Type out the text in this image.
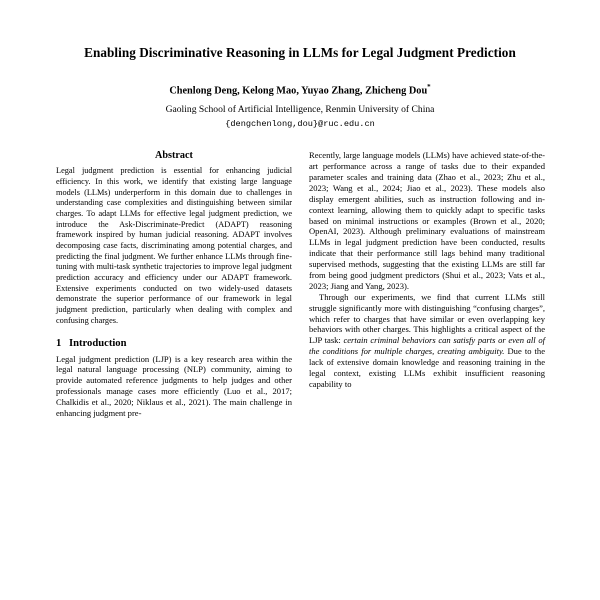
Enabling Discriminative Reasoning in LLMs for Legal Judgment Prediction
Chenlong Deng, Kelong Mao, Yuyao Zhang, Zhicheng Dou*
Gaoling School of Artificial Intelligence, Renmin University of China
{dengchenlong,dou}@ruc.edu.cn
Abstract

Legal judgment prediction is essential for enhancing judicial efficiency. In this work, we identify that existing large language models (LLMs) underperform in this domain due to challenges in understanding case complexities and distinguishing between similar charges. To adapt LLMs for effective legal judgment prediction, we introduce the Ask-Discriminate-Predict (ADAPT) reasoning framework inspired by human judicial reasoning. ADAPT involves decomposing case facts, discriminating among potential charges, and predicting the final judgment. We further enhance LLMs through fine-tuning with multi-task synthetic trajectories to improve legal judgment prediction accuracy and efficiency under our ADAPT framework. Extensive experiments conducted on two widely-used datasets demonstrate the superior performance of our framework in legal judgment prediction, particularly when dealing with complex and confusing charges.

1 Introduction

Legal judgment prediction (LJP) is a key research area within the legal natural language processing (NLP) community, aiming to provide automated reference judgments to help judges and other professionals manage cases more efficiently (Luo et al., 2017; Chalkidis et al., 2020; Niklaus et al., 2021). The main challenge in enhancing judgment pre-

Recently, large language models (LLMs) have achieved state-of-the-art performance across a range of tasks due to their expanded parameter scales and training data (Zhao et al., 2023; Zhu et al., 2023; Wang et al., 2024; Jiao et al., 2023). These models also display emergent abilities, such as instruction following and in-context learning, allowing them to quickly adapt to specific tasks based on minimal instructions or examples (Brown et al., 2020; OpenAI, 2023). Although preliminary evaluations of mainstream LLMs in legal judgment prediction have been conducted, results indicate that their performance still lags behind many traditional supervised methods, suggesting that the existing LLMs are still far from being good judgment predictors (Shui et al., 2023; Vats et al., 2023; Jiang and Yang, 2023).

Through our experiments, we find that current LLMs still struggle significantly more with distinguishing “confusing charges”, which refer to charges that have similar or even overlapping key behaviors with other charges. This highlights a critical aspect of the LJP task: certain criminal behaviors can satisfy parts or even all of the conditions for multiple charges, creating ambiguity. Due to the lack of extensive domain knowledge and reasoning training in the legal context, existing LLMs exhibit insufficient reasoning capability to
